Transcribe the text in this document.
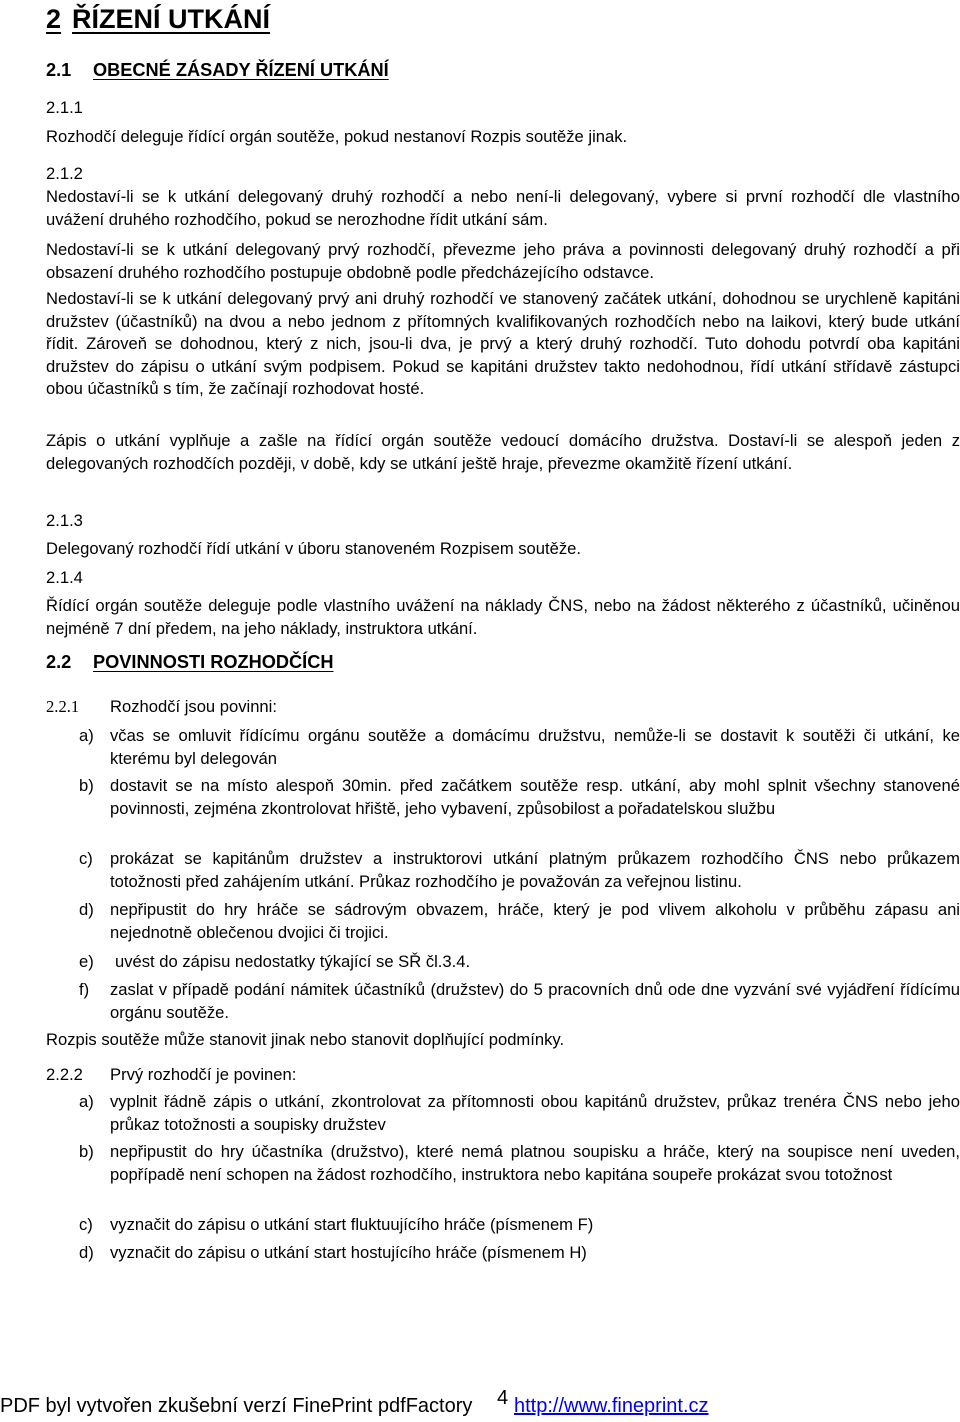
2 ŘÍZENÍ UTKÁNÍ
2.1 OBECNÉ ZÁSADY ŘÍZENÍ UTKÁNÍ
2.1.1
Rozhodčí deleguje řídící orgán soutěže, pokud nestanoví Rozpis soutěže jinak.
2.1.2
Nedostaví-li se k utkání delegovaný druhý rozhodčí a nebo není-li delegovaný, vybere si první rozhodčí dle vlastního uvážení druhého rozhodčího, pokud se nerozhodne řídit utkání sám.
Nedostaví-li se k utkání delegovaný prvý rozhodčí, převezme jeho práva a povinnosti delegovaný druhý rozhodčí a při obsazení druhého rozhodčího postupuje obdobně podle předcházejícího odstavce.
Nedostaví-li se k utkání delegovaný prvý ani druhý rozhodčí ve stanovený začátek utkání, dohodnou se urychleně kapitáni družstev (účastníků) na dvou a nebo jednom z přítomných kvalifikovaných rozhodčích nebo na laikovi, který bude utkání řídit. Zároveň se dohodnou, který z nich, jsou-li dva, je prvý a který druhý rozhodčí. Tuto dohodu potvrdí oba kapitáni družstev do zápisu o utkání svým podpisem. Pokud se kapitáni družstev takto nedohodnou, řídí utkání střídavě zástupci obou účastníků s tím, že začínají rozhodovat hosté.
Zápis o utkání vyplňuje a zašle na řídící orgán soutěže vedoucí domácího družstva. Dostaví-li se alespoň jeden z delegovaných rozhodčích později, v době, kdy se utkání ještě hraje, převezme okamžitě řízení utkání.
2.1.3
Delegovaný rozhodčí řídí utkání v úboru stanoveném Rozpisem soutěže.
2.1.4
Řídící orgán soutěže deleguje podle vlastního uvážení na náklady ČNS, nebo na žádost některého z účastníků, učiněnou nejméně 7 dní předem, na jeho náklady, instruktora utkání.
2.2 POVINNOSTI ROZHODČÍCH
2.2.1 Rozhodčí jsou povinni:
a) včas se omluvit řídícímu orgánu soutěže a domácímu družstvu, nemůže-li se dostavit k soutěži či utkání, ke kterému byl delegován
b) dostavit se na místo alespoň 30min. před začátkem soutěže resp. utkání, aby mohl splnit všechny stanovené povinnosti, zejména zkontrolovat hřiště, jeho vybavení, způsobilost a pořadatelskou službu
c) prokázat se kapitánům družstev a instruktorovi utkání platným průkazem rozhodčího ČNS nebo průkazem totožnosti před zahájením utkání. Průkaz rozhodčího je považován za veřejnou listinu.
d) nepřipustit do hry hráče se sádrovým obvazem, hráče, který je pod vlivem alkoholu v průběhu zápasu ani nejednotně oblečenou dvojici či trojici.
e) uvést do zápisu nedostatky týkající se SŘ čl.3.4.
f) zaslat v případě podání námitek účastníků (družstev) do 5 pracovních dnů ode dne vyzvání své vyjádření řídícímu orgánu soutěže.
Rozpis soutěže může stanovit jinak nebo stanovit doplňující podmínky.
2.2.2 Prvý rozhodčí je povinen:
a) vyplnit řádně zápis o utkání, zkontrolovat za přítomnosti obou kapitánů družstev, průkaz trenéra ČNS nebo jeho průkaz totožnosti a soupisky družstev
b) nepřipustit do hry účastníka (družstvo), které nemá platnou soupisku a hráče, který na soupisce není uveden, popřípadě není schopen na žádost rozhodčího, instruktora nebo kapitána soupeře prokázat svou totožnost
c) vyznačit do zápisu o utkání start fluktuujícího hráče (písmenem F)
d) vyznačit do zápisu o utkání start hostujícího hráče (písmenem H)
PDF byl vytvořen zkušební verzí FinePrint pdfFactory 4 http://www.fineprint.cz
